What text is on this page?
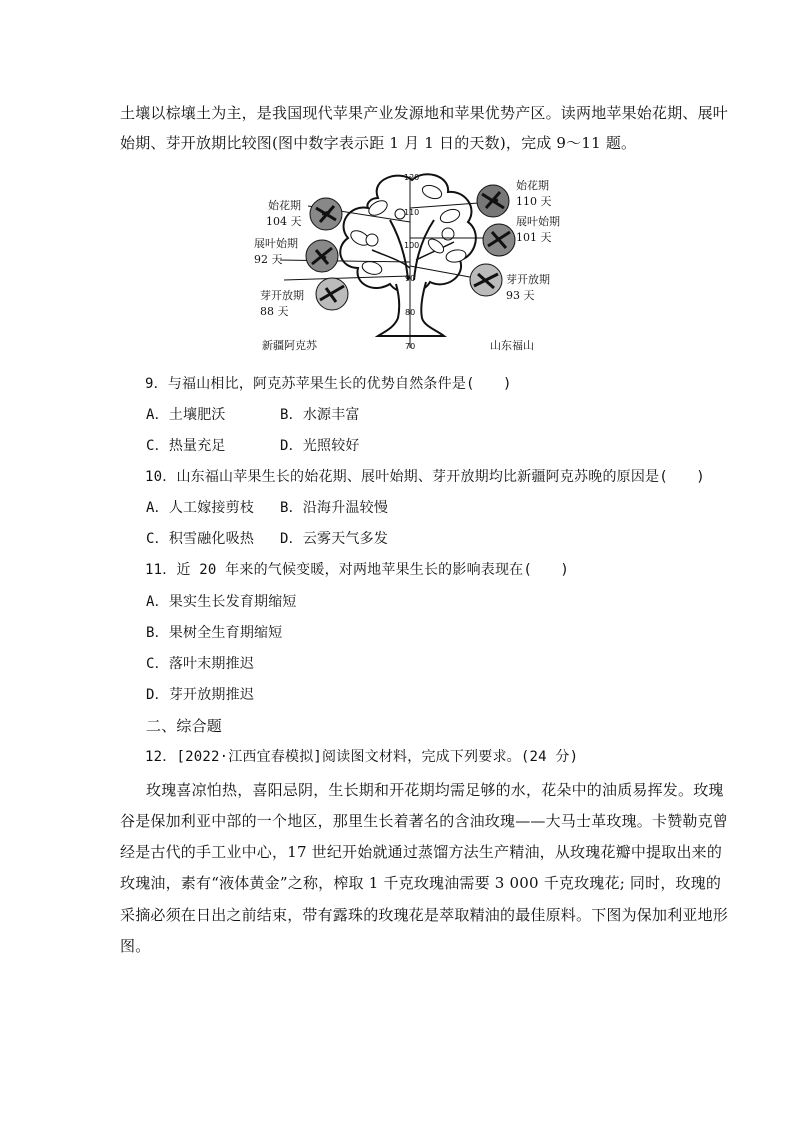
土壤以棕壤土为主，是我国现代苹果产业发源地和苹果优势产区。读两地苹果始花期、展叶
始期、芽开放期比较图(图中数字表示距 1 月 1 日的天数)，完成 9～11 题。
120
110
100
90
80
70
始花期
104 天
展叶始期
92 天
芽开放期
88 天
始花期
110 天
展叶始期
101 天
芽开放期
93 天
新疆阿克苏	山东福山
9．与福山相比，阿克苏苹果生长的优势自然条件是(　　)
A．土壤肥沃	B．水源丰富
C．热量充足	D．光照较好
10．山东福山苹果生长的始花期、展叶始期、芽开放期均比新疆阿克苏晚的原因是(　　)
A．人工嫁接剪枝 B．沿海升温较慢
C．积雪融化吸热 D．云雾天气多发
11．近 20 年来的气候变暖，对两地苹果生长的影响表现在(　　)
A．果实生长发育期缩短
B．果树全生育期缩短
C．落叶末期推迟
D．芽开放期推迟
二、综合题
12．[2022·江西宜春模拟]阅读图文材料，完成下列要求。(24 分)
玫瑰喜凉怕热，喜阳忌阴，生长期和开花期均需足够的水，花朵中的油质易挥发。玫瑰
谷是保加利亚中部的一个地区，那里生长着著名的含油玫瑰——大马士革玫瑰。卡赞勒克曾
经是古代的手工业中心，17 世纪开始就通过蒸馏方法生产精油，从玫瑰花瓣中提取出来的
玫瑰油，素有“液体黄金”之称，榨取 1 千克玫瑰油需要 3 000 千克玫瑰花; 同时，玫瑰的
采摘必须在日出之前结束，带有露珠的玫瑰花是萃取精油的最佳原料。下图为保加利亚地形
图。
